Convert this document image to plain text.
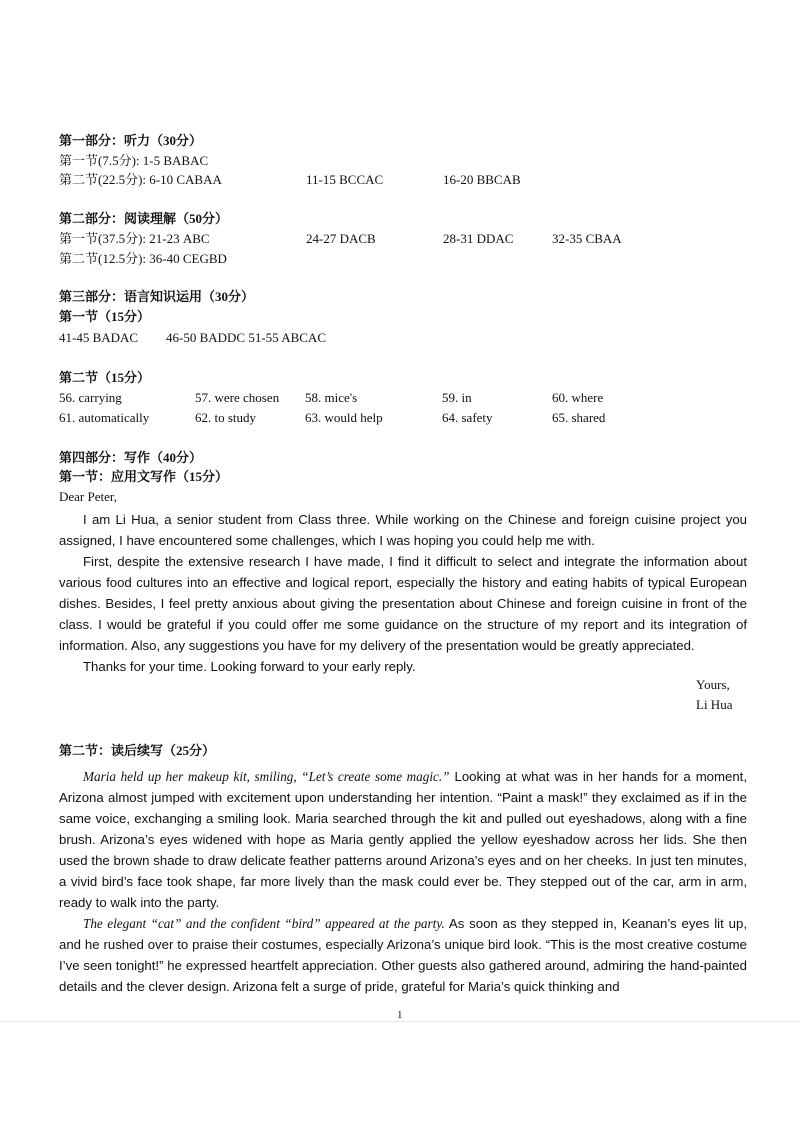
第一部分：听力（30分）
第一节(7.5分): 1-5 BABAC
第二节(22.5分): 6-10 CABAA	11-15 BCCAC	16-20 BBCAB
第二部分：阅读理解（50分）
第一节(37.5分): 21-23 ABC	24-27 DACB	28-31 DDAC	32-35 CBAA
第二节(12.5分): 36-40 CEGBD
第三部分：语言知识运用（30分）
第一节（15分）
41-45 BADAC 46-50 BADDC 51-55 ABCAC
第二节（15分）
56. carrying	57. were chosen 58. mice's	59. in	60. where
61. automatically	62. to study	63. would help	64. safety	65. shared
第四部分：写作（40分）
第一节：应用文写作（15分）
Dear Peter,

I am Li Hua, a senior student from Class three. While working on the Chinese and foreign cuisine project you assigned, I have encountered some challenges, which I was hoping you could help me with.

First, despite the extensive research I have made, I find it difficult to select and integrate the information about various food cultures into an effective and logical report, especially the history and eating habits of typical European dishes. Besides, I feel pretty anxious about giving the presentation about Chinese and foreign cuisine in front of the class. I would be grateful if you could offer me some guidance on the structure of my report and its integration of information. Also, any suggestions you have for my delivery of the presentation would be greatly appreciated.

Thanks for your time. Looking forward to your early reply.

Yours,
Li Hua
第二节：读后续写（25分）

Maria held up her makeup kit, smiling, “Let’s create some magic.” Looking at what was in her hands for a moment, Arizona almost jumped with excitement upon understanding her intention. “Paint a mask!” they exclaimed as if in the same voice, exchanging a smiling look. Maria searched through the kit and pulled out eyeshadows, along with a fine brush. Arizona’s eyes widened with hope as Maria gently applied the yellow eyeshadow across her lids. She then used the brown shade to draw delicate feather patterns around Arizona’s eyes and on her cheeks. In just ten minutes, a vivid bird’s face took shape, far more lively than the mask could ever be. They stepped out of the car, arm in arm, ready to walk into the party.

The elegant “cat” and the confident “bird” appeared at the party. As soon as they stepped in, Keanan’s eyes lit up, and he rushed over to praise their costumes, especially Arizona’s unique bird look. “This is the most creative costume I’ve seen tonight!” he expressed heartfelt appreciation. Other guests also gathered around, admiring the hand-painted details and the clever design. Arizona felt a surge of pride, grateful for Maria’s quick thinking and

1
